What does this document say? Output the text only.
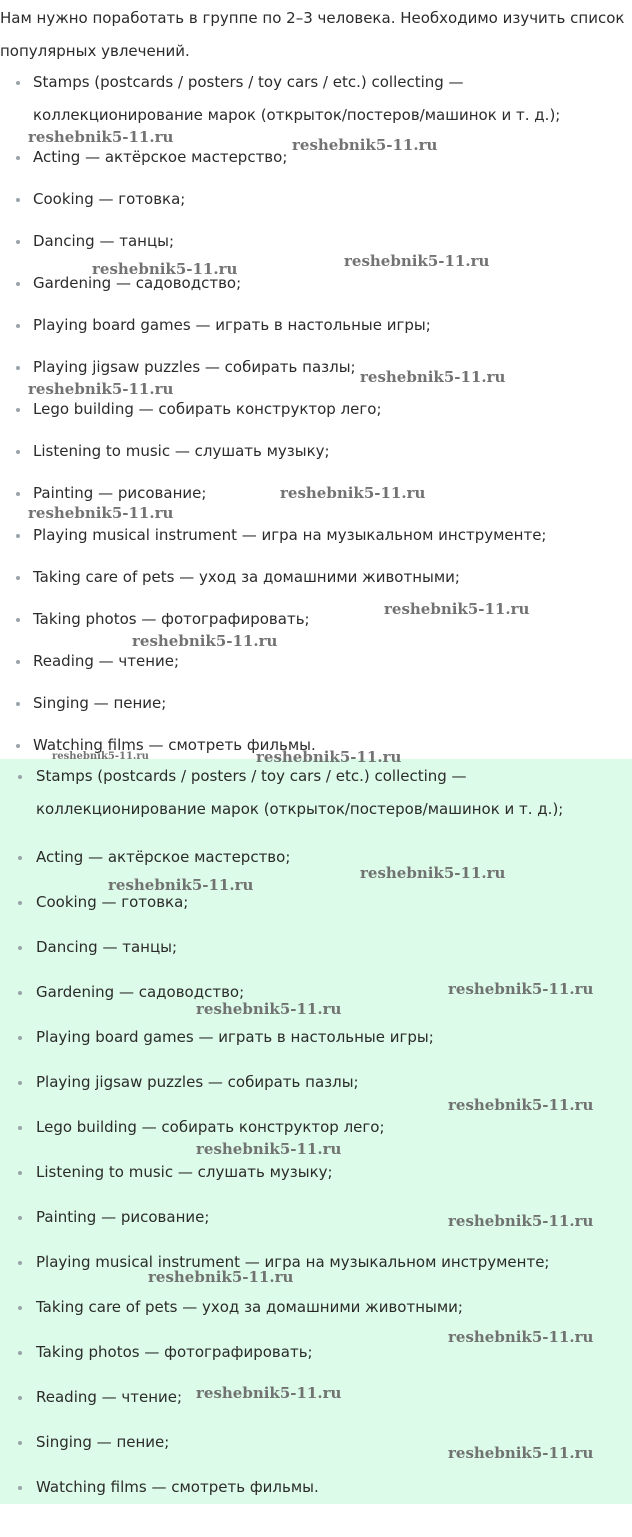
Нам нужно поработать в группе по 2–3 человека. Необходимо изучить список популярных увлечений.

Stamps (postcards / posters / toy cars / etc.) collecting — коллекционирование марок (открыток/постеров/машинок и т. д.);
Acting — актёрское мастерство;
Cooking — готовка;
Dancing — танцы;
Gardening — садоводство;
Playing board games — играть в настольные игры;
Playing jigsaw puzzles — собирать пазлы;
Lego building — собирать конструктор лего;
Listening to music — слушать музыку;
Painting — рисование;
Playing musical instrument — игра на музыкальном инструменте;
Taking care of pets — уход за домашними животными;
Taking photos — фотографировать;
Reading — чтение;
Singing — пение;
Watching films — смотреть фильмы.
Stamps (postcards / posters / toy cars / etc.) collecting — коллекционирование марок (открыток/постеров/машинок и т. д.);
Acting — актёрское мастерство;
Cooking — готовка;
Dancing — танцы;
Gardening — садоводство;
Playing board games — играть в настольные игры;
Playing jigsaw puzzles — собирать пазлы;
Lego building — собирать конструктор лего;
Listening to music — слушать музыку;
Painting — рисование;
Playing musical instrument — игра на музыкальном инструменте;
Taking care of pets — уход за домашними животными;
Taking photos — фотографировать;
Reading — чтение;
Singing — пение;
Watching films — смотреть фильмы.
reshebnik5-11.ru	reshebnik5-11.ru
reshebnik5-11.ru	reshebnik5-11.ru
reshebnik5-11.ru
reshebnik5-11.ru
reshebnik5-11.ru
reshebnik5-11.ru
reshebnik5-11.ru
reshebnik5-11.ru
reshebnik5-11.ru	reshebnik5-11.ru
reshebnik5-11.ru
reshebnik5-11.ru
reshebnik5-11.ru
reshebnik5-11.ru
reshebnik5-11.ru
reshebnik5-11.ru
reshebnik5-11.ru
reshebnik5-11.ru
reshebnik5-11.ru
reshebnik5-11.ru
reshebnik5-11.ru
